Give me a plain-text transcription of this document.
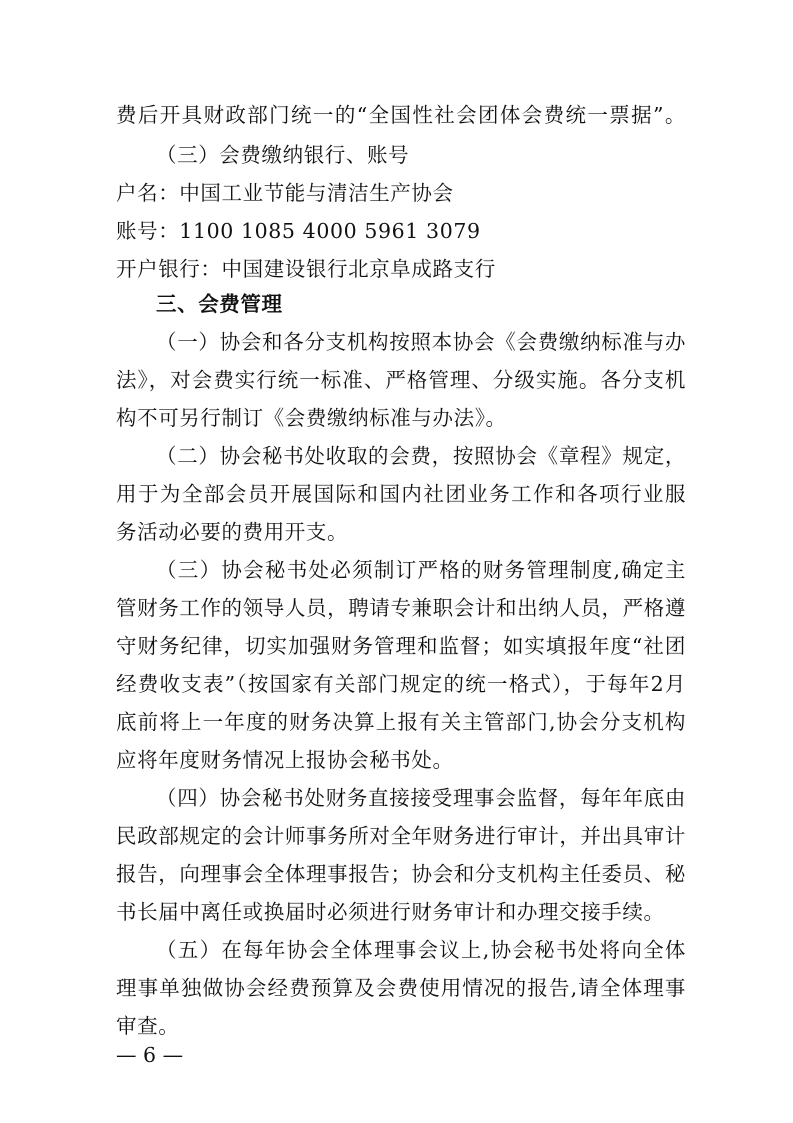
费后开具财政部门统一的“全国性社会团体会费统一票据”。
（三）会费缴纳银行、账号
户名：中国工业节能与清洁生产协会
账号：1100 1085 4000 5961 3079
开户银行：中国建设银行北京阜成路支行
三、会费管理
（一）协会和各分支机构按照本协会《会费缴纳标准与办
法》，对会费实行统一标准、严格管理、分级实施。各分支机
构不可另行制订《会费缴纳标准与办法》。
（二）协会秘书处收取的会费，按照协会《章程》规定，
用于为全部会员开展国际和国内社团业务工作和各项行业服
务活动必要的费用开支。
（三）协会秘书处必须制订严格的财务管理制度,确定主
管财务工作的领导人员，聘请专兼职会计和出纳人员，严格遵
守财务纪律，切实加强财务管理和监督；如实填报年度“社团
经费收支表”（按国家有关部门规定的统一格式），于每年2月
底前将上一年度的财务决算上报有关主管部门,协会分支机构
应将年度财务情况上报协会秘书处。
（四）协会秘书处财务直接接受理事会监督，每年年底由
民政部规定的会计师事务所对全年财务进行审计，并出具审计
报告，向理事会全体理事报告；协会和分支机构主任委员、秘
书长届中离任或换届时必须进行财务审计和办理交接手续。
（五）在每年协会全体理事会议上,协会秘书处将向全体
理事单独做协会经费预算及会费使用情况的报告,请全体理事
审查。
— 6 —
